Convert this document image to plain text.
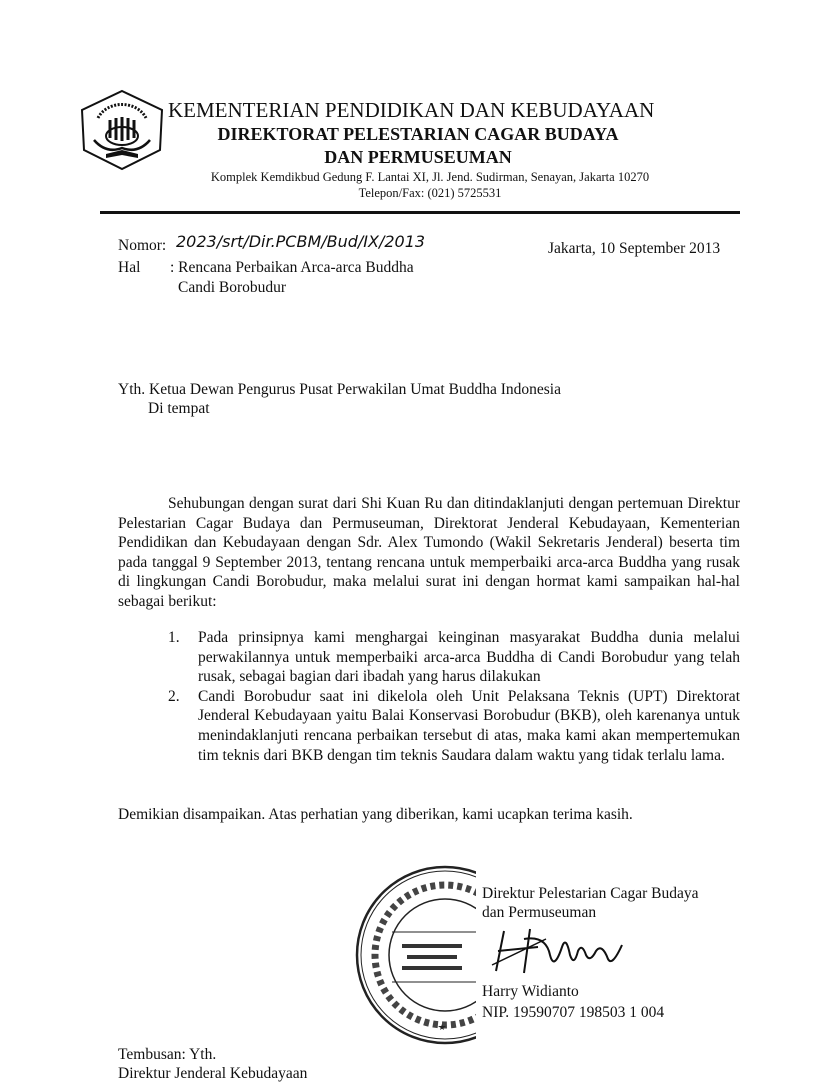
KEMENTERIAN PENDIDIKAN DAN KEBUDAYAAN
DIREKTORAT PELESTARIAN CAGAR BUDAYA
DAN PERMUSEUMAN
Komplek Kemdikbud Gedung F. Lantai XI, Jl. Jend. Sudirman, Senayan, Jakarta 10270
Telepon/Fax: (021) 5725531
Nomor: 2023/srt/Dir.PCBM/Bud/IX/2013	Jakarta, 10 September 2013
Hal : Rencana Perbaikan Arca-arca Buddha
Candi Borobudur
Yth. Ketua Dewan Pengurus Pusat Perwakilan Umat Buddha Indonesia
Di tempat
Sehubungan dengan surat dari Shi Kuan Ru dan ditindaklanjuti dengan pertemuan Direktur Pelestarian Cagar Budaya dan Permuseuman, Direktorat Jenderal Kebudayaan, Kementerian Pendidikan dan Kebudayaan dengan Sdr. Alex Tumondo (Wakil Sekretaris Jenderal) beserta tim pada tanggal 9 September 2013, tentang rencana untuk memperbaiki arca-arca Buddha yang rusak di lingkungan Candi Borobudur, maka melalui surat ini dengan hormat kami sampaikan hal-hal sebagai berikut:
1. Pada prinsipnya kami menghargai keinginan masyarakat Buddha dunia melalui perwakilannya untuk memperbaiki arca-arca Buddha di Candi Borobudur yang telah rusak, sebagai bagian dari ibadah yang harus dilakukan
2. Candi Borobudur saat ini dikelola oleh Unit Pelaksana Teknis (UPT) Direktorat Jenderal Kebudayaan yaitu Balai Konservasi Borobudur (BKB), oleh karenanya untuk menindaklanjuti rencana perbaikan tersebut di atas, maka kami akan mempertemukan tim teknis dari BKB dengan tim teknis Saudara dalam waktu yang tidak terlalu lama.
Demikian disampaikan. Atas perhatian yang diberikan, kami ucapkan terima kasih.
Direktur Pelestarian Cagar Budaya
dan Permuseuman
Harry Widianto
NIP. 19590707 198503 1 004
Tembusan: Yth.
Direktur Jenderal Kebudayaan
